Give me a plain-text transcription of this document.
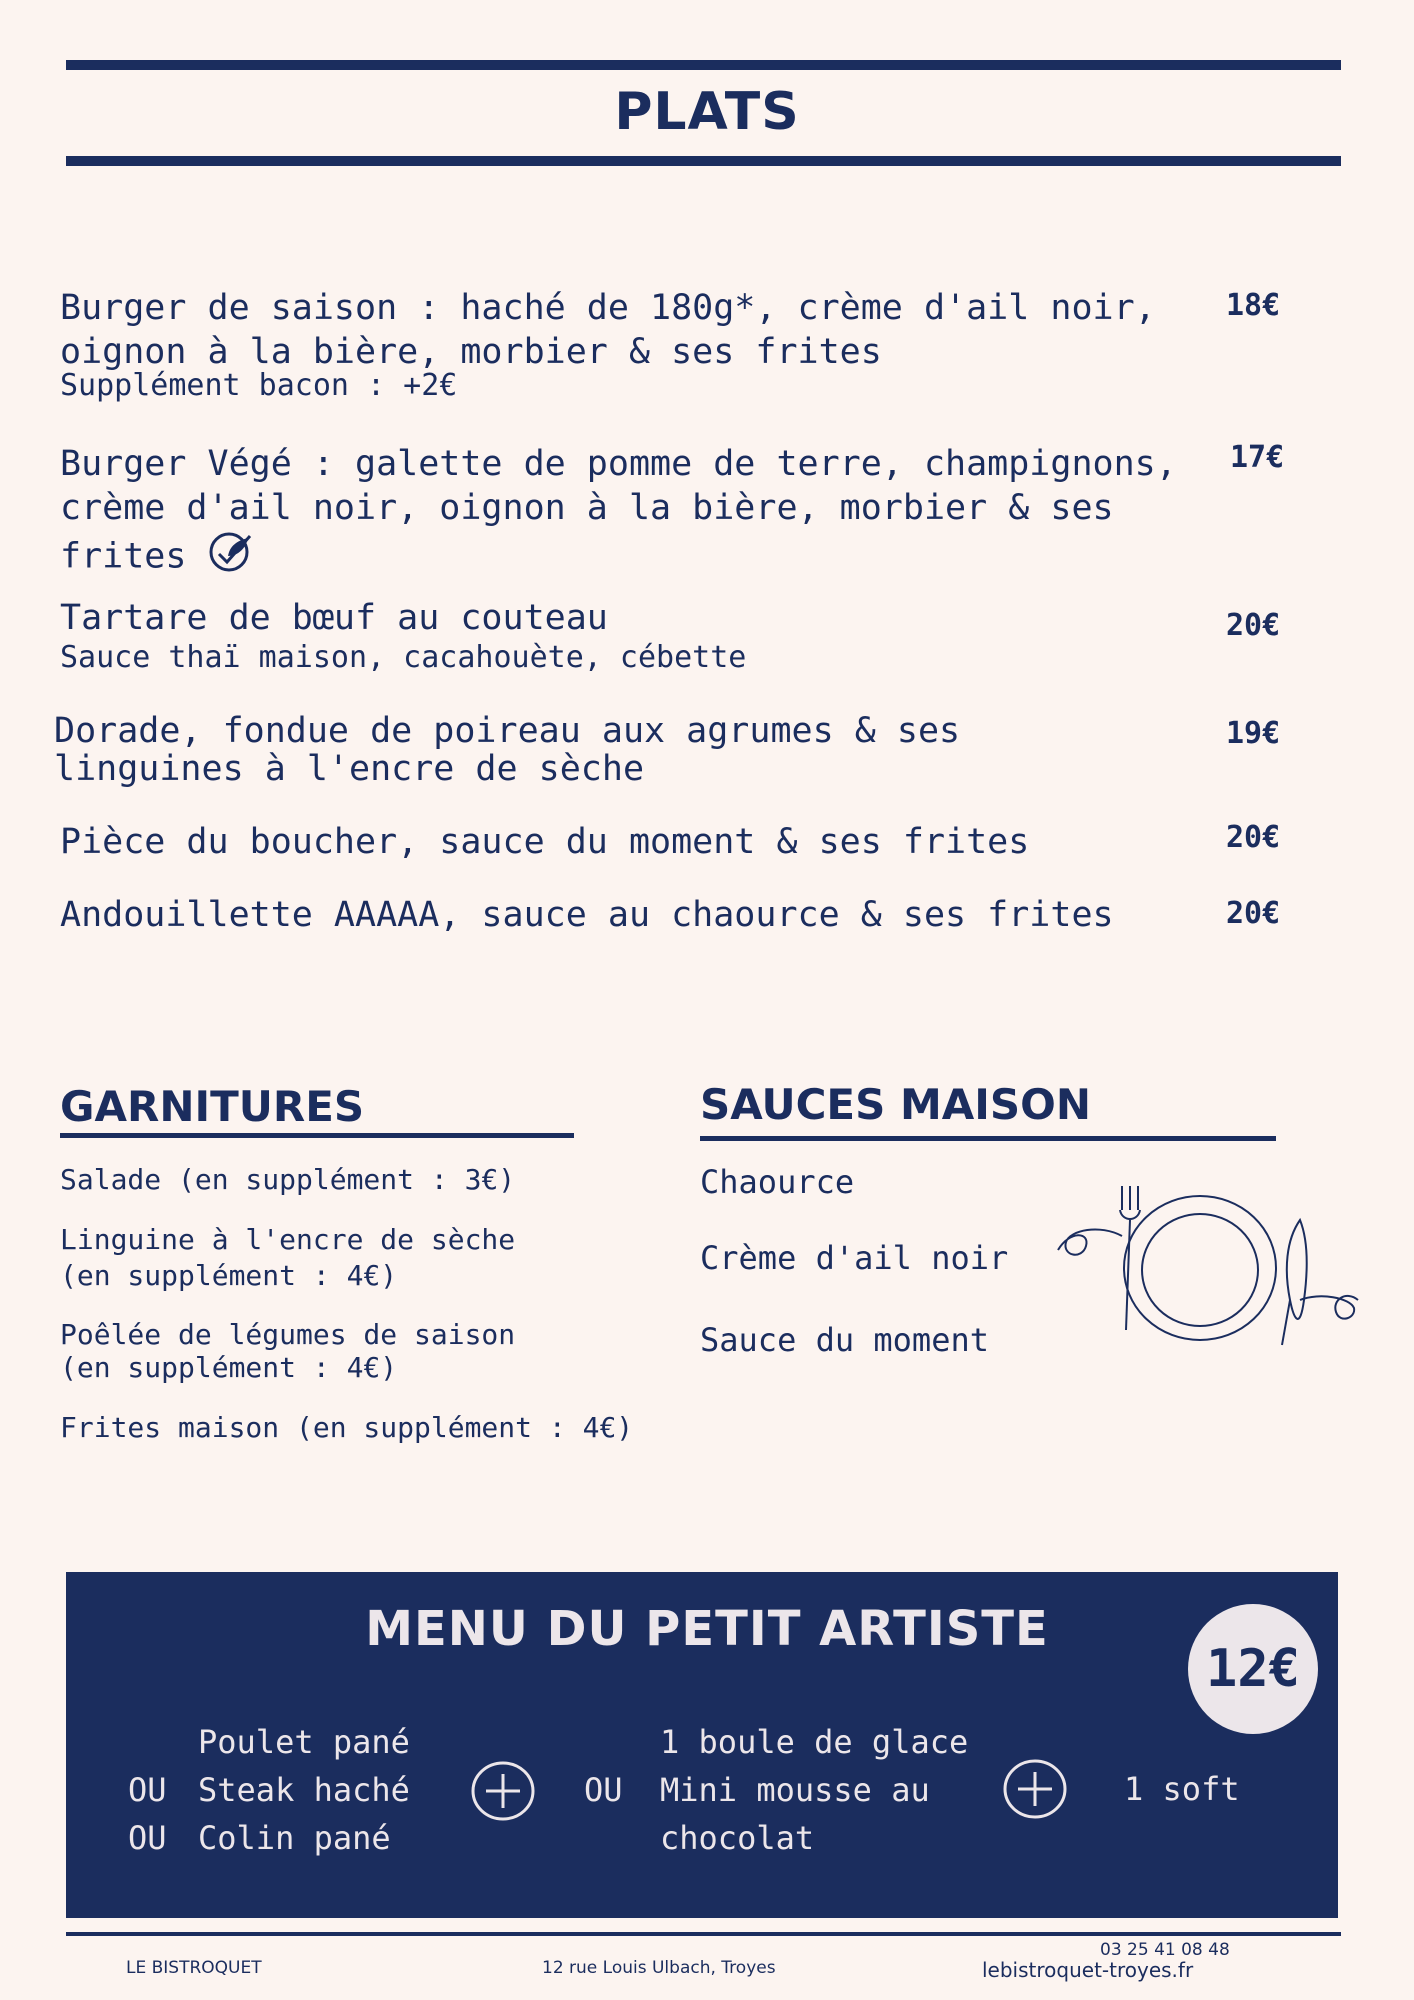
PLATS
Burger de saison : haché de 180g*, crème d'ail noir,
oignon à la bière, morbier & ses frites
Supplément bacon : +2€
18€
Burger Végé : galette de pomme de terre, champignons,
crème d'ail noir, oignon à la bière, morbier & ses
frites
17€
Tartare de bœuf au couteau
Sauce thaï maison, cacahouète, cébette
20€
Dorade, fondue de poireau aux agrumes & ses
linguines à l'encre de sèche
19€
Pièce du boucher, sauce du moment & ses frites	20€
Andouillette AAAAA, sauce au chaource & ses frites	20€
GARNITURES
Salade (en supplément : 3€)
Linguine à l'encre de sèche
(en supplément : 4€)
Poêlée de légumes de saison
(en supplément : 4€)
Frites maison (en supplément : 4€)
SAUCES MAISON
Chaource
Crème d'ail noir
Sauce du moment
MENU DU PETIT ARTISTE
12€
Poulet pané
OU Steak haché
OU Colin pané
1 boule de glace
OU Mini mousse au
chocolat
1 soft
LE BISTROQUET	12 rue Louis Ulbach, Troyes
03 25 41 08 48
lebistroquet-troyes.fr
